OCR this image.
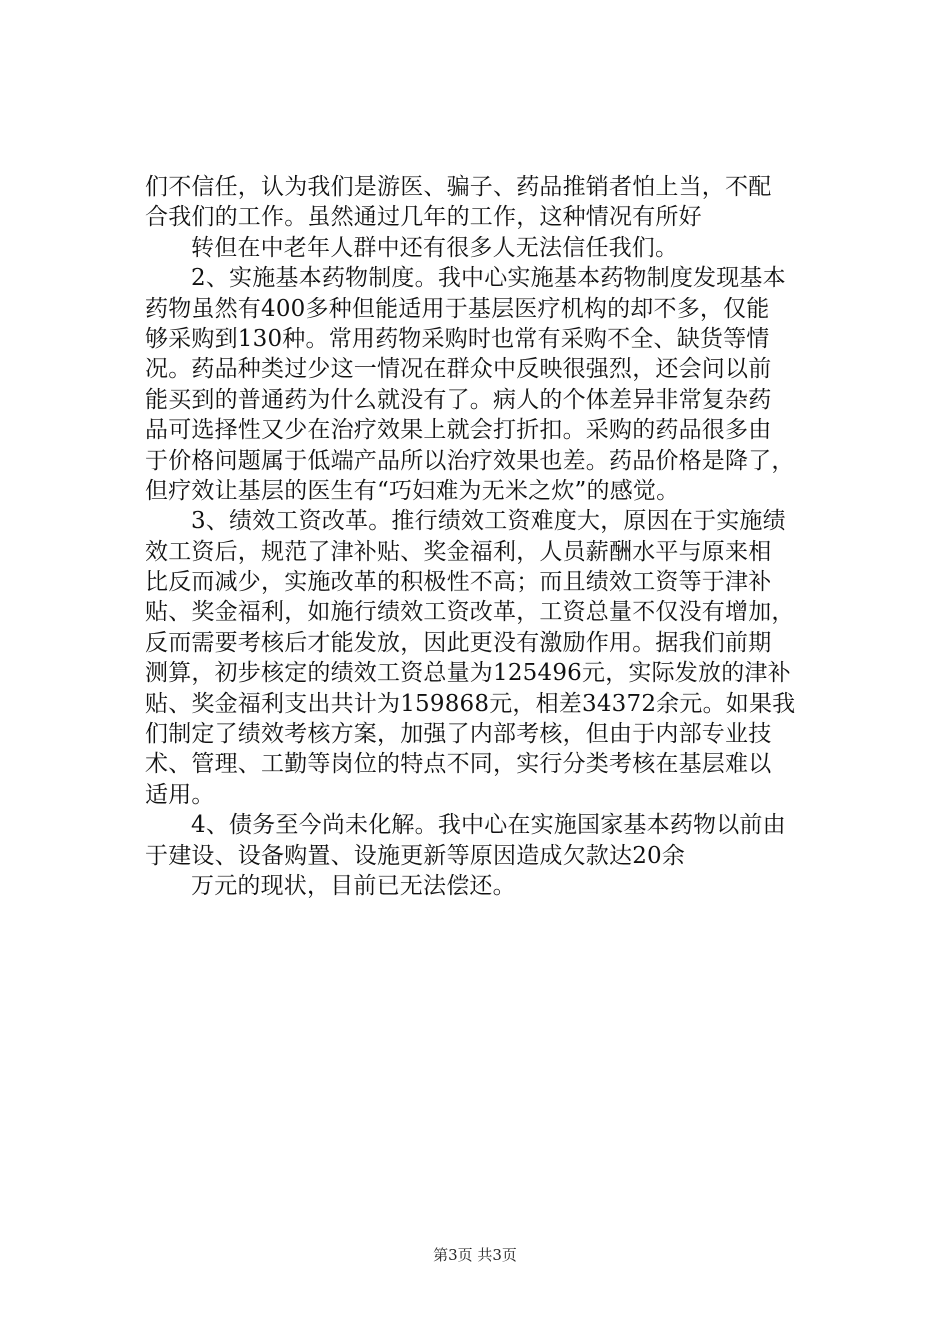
们不信任，认为我们是游医、骗子、药品推销者怕上当，不配
合我们的工作。虽然通过几年的工作，这种情况有所好
转但在中老年人群中还有很多人无法信任我们。
2、实施基本药物制度。我中心实施基本药物制度发现基本
药物虽然有400多种但能适用于基层医疗机构的却不多，仅能
够采购到130种。常用药物采购时也常有采购不全、缺货等情
况。药品种类过少这一情况在群众中反映很强烈，还会问以前
能买到的普通药为什么就没有了。病人的个体差异非常复杂药
品可选择性又少在治疗效果上就会打折扣。采购的药品很多由
于价格问题属于低端产品所以治疗效果也差。药品价格是降了，
但疗效让基层的医生有“巧妇难为无米之炊”的感觉。
3、绩效工资改革。推行绩效工资难度大，原因在于实施绩
效工资后，规范了津补贴、奖金福利，人员薪酬水平与原来相
比反而减少，实施改革的积极性不高；而且绩效工资等于津补
贴、奖金福利，如施行绩效工资改革，工资总量不仅没有增加，
反而需要考核后才能发放，因此更没有激励作用。据我们前期
测算，初步核定的绩效工资总量为125496元，实际发放的津补
贴、奖金福利支出共计为159868元，相差34372余元。如果我
们制定了绩效考核方案，加强了内部考核，但由于内部专业技
术、管理、工勤等岗位的特点不同，实行分类考核在基层难以
适用。
4、债务至今尚未化解。我中心在实施国家基本药物以前由
于建设、设备购置、设施更新等原因造成欠款达20余
万元的现状，目前已无法偿还。
第3页 共3页
